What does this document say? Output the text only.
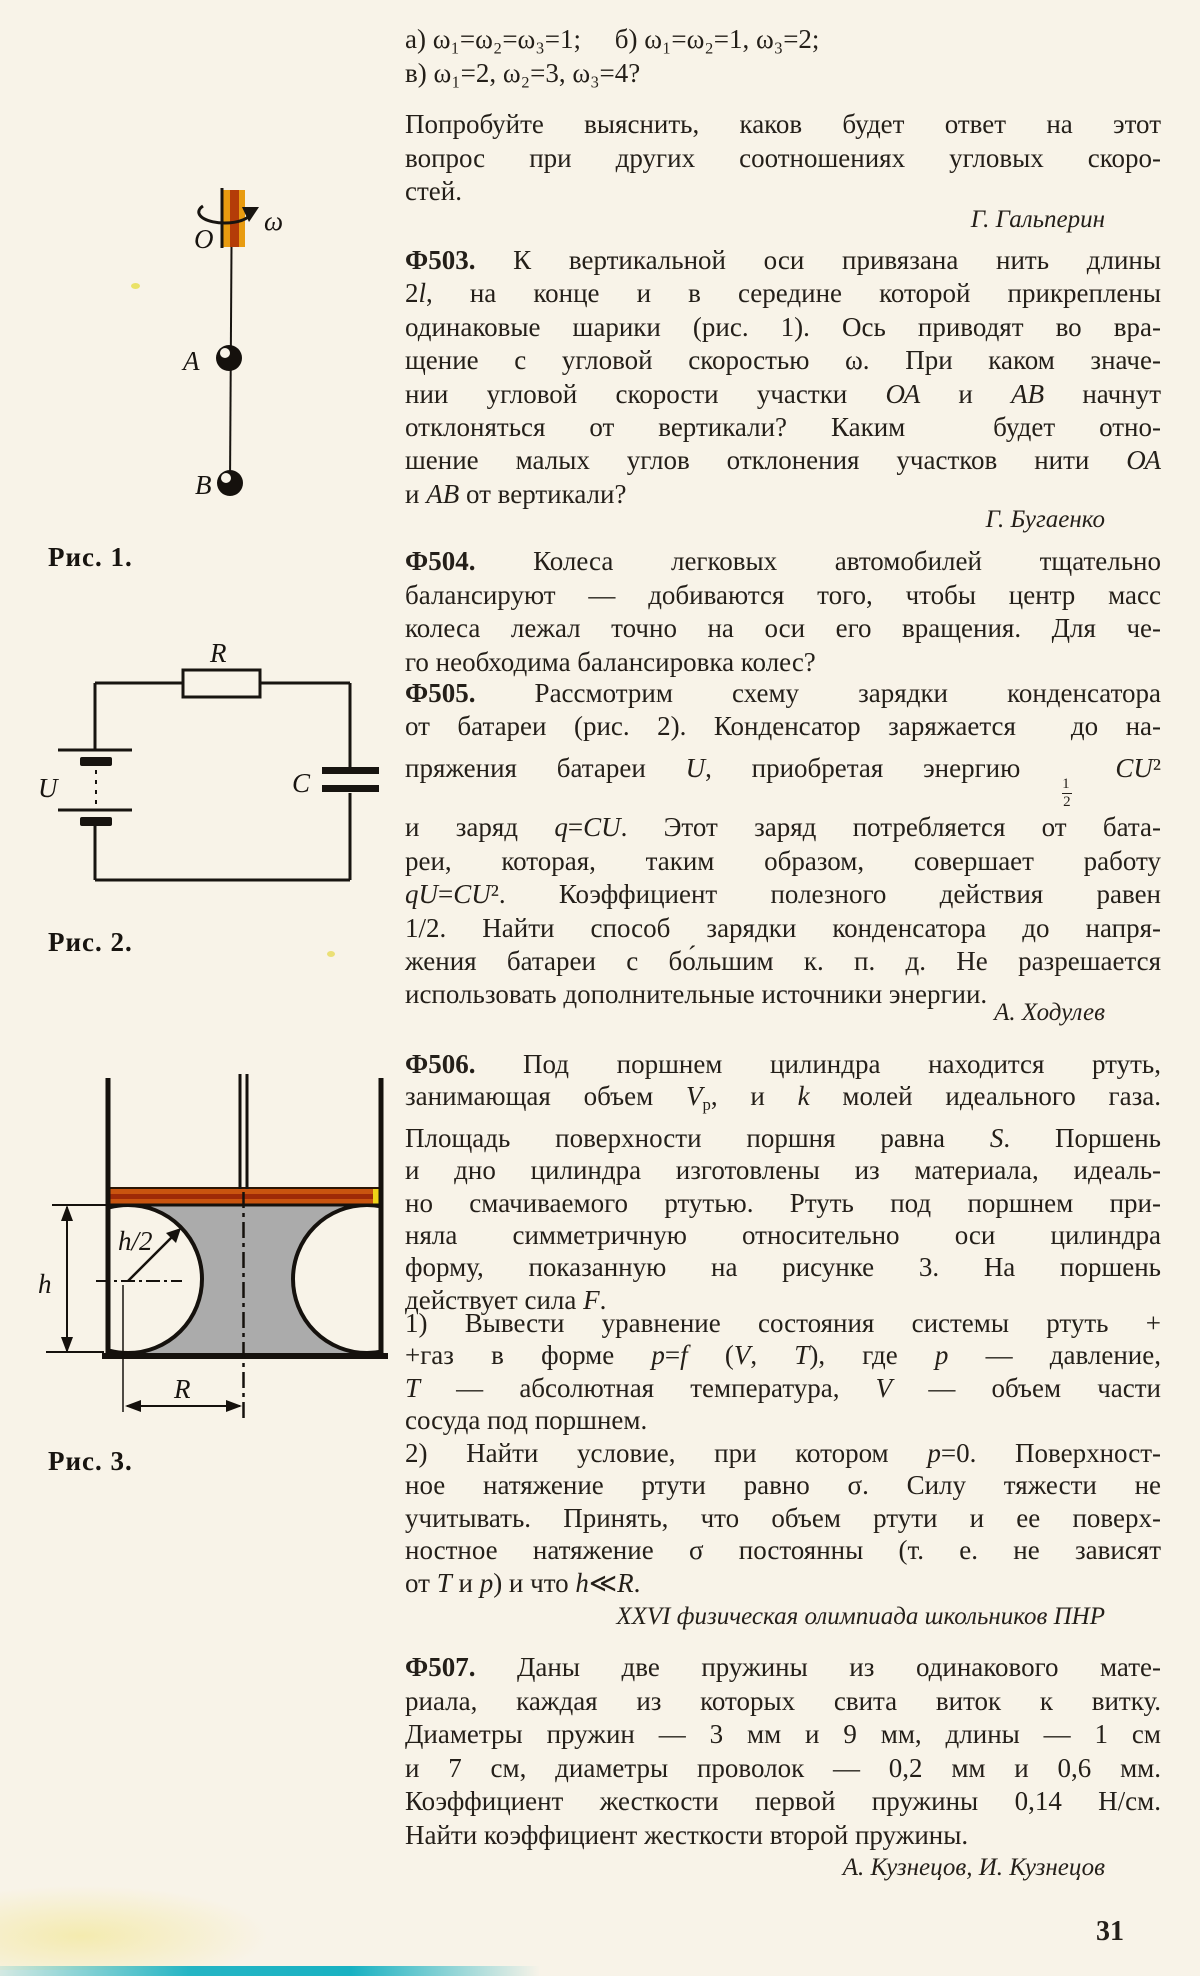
ω
O
A
B
Рис. 1.
R
U	C
Рис. 2.
h
h/2
R
Рис. 3.
а) ω₁=ω₂=ω₃=1;  б) ω₁=ω₂=1, ω₃=2;
в) ω₁=2, ω₂=3, ω₃=4?
Попробуйте выяснить, каков будет ответ на этот
вопрос при других соотношениях угловых скоро-
стей.
Г. Гальперин
Ф503. К вертикальной оси привязана нить длины
2l, на конце и в середине которой прикреплены
одинаковые шарики (рис. 1). Ось приводят во вра-
щение с угловой скоростью ω. При каком значе-
нии угловой скорости участки ОА и АВ начнут
отклоняться от вертикали? Каким  будет отно-
шение малых углов отклонения участков нити ОА
и АВ от вертикали?
Г. Бугаенко
Ф504. Колеса легковых автомобилей тщательно
балансируют — добиваются того, чтобы центр масс
колеса лежал точно на оси его вращения. Для че-
го необходима балансировка колес?
Ф505. Рассмотрим схему зарядки конденсатора
от батареи (рис. 2). Конденсатор заряжается  до на-
пряжения батареи U, приобретая энергию
$\frac{1}{2}$
CU²
и заряд q=CU. Этот заряд потребляется от бата-
реи, которая, таким образом, совершает работу
qU=CU². Коэффициент полезного действия равен
1/2. Найти способ зарядки конденсатора до напря-
жения батареи с бо́льшим к. п. д. Не разрешается
использовать дополнительные источники энергии.
А. Ходулев
Ф506. Под поршнем цилиндра находится ртуть,
занимающая объем $V_р$, и k молей идеального газа.
Площадь поверхности поршня равна S. Поршень
и дно цилиндра изготовлены из материала, идеаль-
но смачиваемого ртутью. Ртуть под поршнем при-
няла симметричную относительно оси цилиндра
форму, показанную на рисунке 3. На поршень
действует сила F.
1) Вывести уравнение состояния системы ртуть +
+газ в форме p=f (V, T), где p — давление,
T — абсолютная температура, V — объем части
сосуда под поршнем.
2) Найти условие, при котором p=0. Поверхност-
ное натяжение ртути равно σ. Силу тяжести не
учитывать. Принять, что объем ртути и ее поверх-
ностное натяжение σ постоянны (т. е. не зависят
от T и p) и что h≪R.
XXVI физическая олимпиада школьников ПНР
Ф507. Даны две пружины из одинакового мате-
риала, каждая из которых свита виток к витку.
Диаметры пружин — 3 мм и 9 мм, длины — 1 см
и 7 см, диаметры проволок — 0,2 мм и 0,6 мм.
Коэффициент жесткости первой пружины 0,14 Н/см.
Найти коэффициент жесткости второй пружины.
А. Кузнецов, И. Кузнецов
31
